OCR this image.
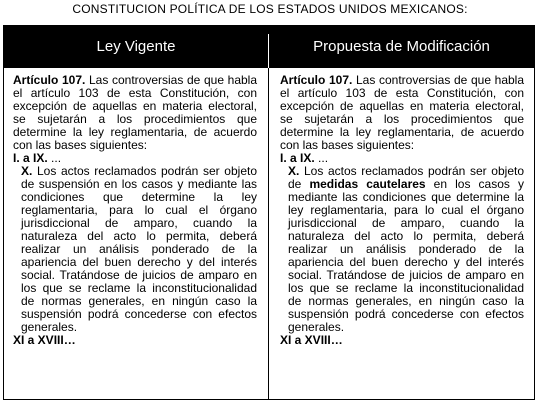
CONSTITUCION POLÍTICA DE LOS ESTADOS UNIDOS MEXICANOS:
Ley Vigente	Propuesta de Modificación

Artículo 107. Las controversias de que habla el artículo 103 de esta Constitución, con excepción de aquellas en materia electoral, se sujetarán a los procedimientos que determine la ley reglamentaria, de acuerdo con las bases siguientes:

I. a IX. ...

X. Los actos reclamados podrán ser objeto de suspensión en los casos y mediante las condiciones que determine la ley reglamentaria, para lo cual el órgano jurisdiccional de amparo, cuando la naturaleza del acto lo permita, deberá realizar un análisis ponderado de la apariencia del buen derecho y del interés social. Tratándose de juicios de amparo en los que se reclame la inconstitucionalidad de normas generales, en ningún caso la suspensión podrá concederse con efectos generales.

XI a XVIII…

Artículo 107. Las controversias de que habla el artículo 103 de esta Constitución, con excepción de aquellas en materia electoral, se sujetarán a los procedimientos que determine la ley reglamentaria, de acuerdo con las bases siguientes:

I. a IX. ...

X. Los actos reclamados podrán ser objeto de medidas cautelares en los casos y mediante las condiciones que determine la ley reglamentaria, para lo cual el órgano jurisdiccional de amparo, cuando la naturaleza del acto lo permita, deberá realizar un análisis ponderado de la apariencia del buen derecho y del interés social. Tratándose de juicios de amparo en los que se reclame la inconstitucionalidad de normas generales, en ningún caso la suspensión podrá concederse con efectos generales.

XI a XVIII…
